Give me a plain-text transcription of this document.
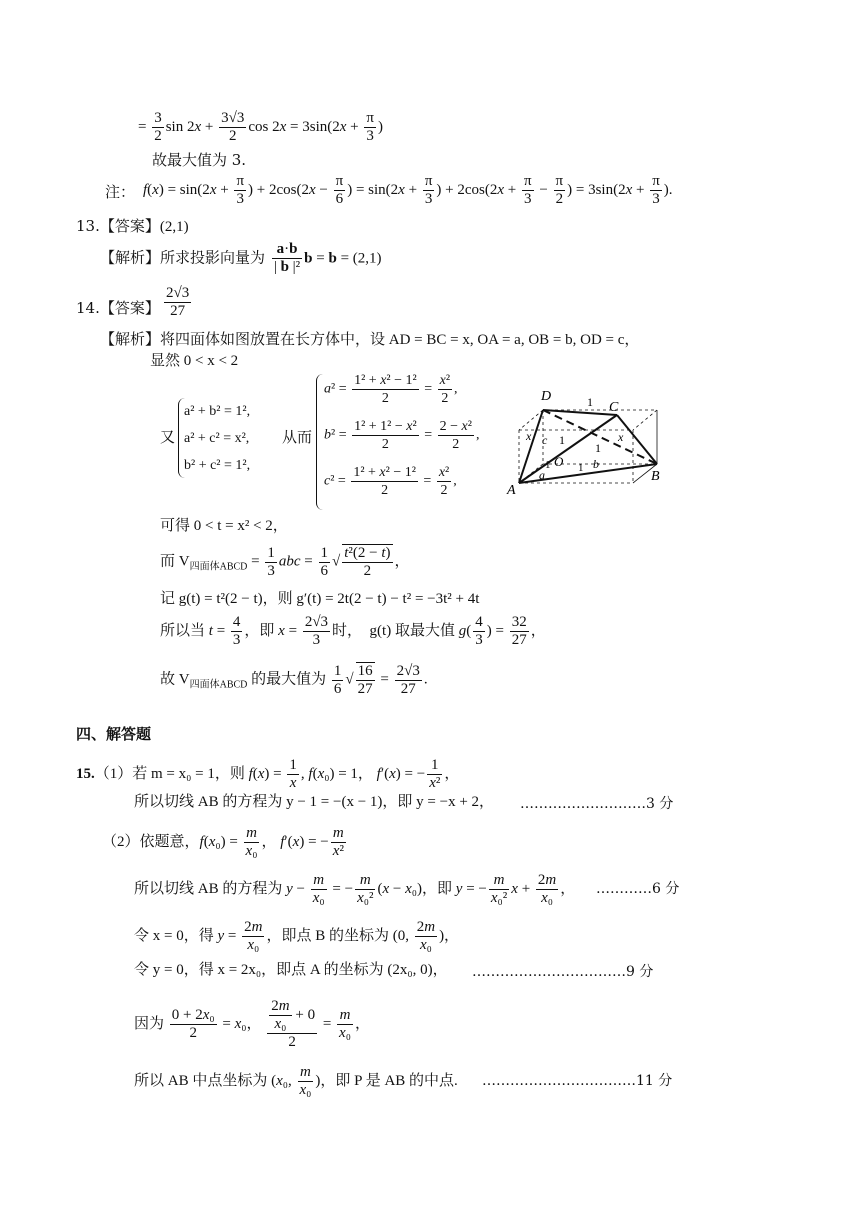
= $\frac{3}{2}$ $\sin 2x + \frac{3√3}{2}$ $\cos 2x = 3\sin(2x + \frac{\pi}{3}$ )
故最大值为 3.
注： $f(x) = \sin(2x + \frac{\pi}{3}$ ) + $2\cos(2x - \frac{\pi}{6}$ ) = $\sin(2x + \frac{\pi}{3}$ ) + $2\cos(2x + \frac{\pi}{3} - \frac{\pi}{2}$ ) = $3\sin(2x + \frac{\pi}{3}$ ).
13.【答案】(2,1)
【解析】所求投影向量为 $\frac{a\cdot b}{\text{| b |²}}$ b = b = (2,1)
14.【答案】 $\frac{2√3}{27}$
【解析】将四面体如图放置在长方体中，设 AD = BC = x, OA = a, OB = b, OD = c，
显然 0 < x < 2
又
a² + b² = 1²,
a² + c² = x²,
b² + c² = 1²,
从而
$a^2 = \frac{\text{1² + x² − 1²}}{2} = \frac{\text{x²}}{2}$ ,
$b^2 = \frac{\text{1² + 1² − x²}}{2} = \frac{\text{2 − x²}}{2}$ ,
$c^2 = \frac{\text{1² + x² − 1²}}{2} = \frac{\text{x²}}{2}$ ,
D
C
A
B
O
x	x
c
a
b
1
1
1
1	1
可得 0 < t = x² < 2，
而 $V_{四面体ABCD} = \frac{1}{3}$ abc = $\frac{1}{6}$ √ $\frac{\text{t²(2 − t)}}{2}$ ，
记 g(t) = t²(2 − t)，则 g′(t) = 2t(2 − t) − t² = −3t² + 4t
所以当 $t = \frac{4}{3}$ ，即 $x = \frac{2√3}{3}$ 时，　g(t) 取最大值 $g( \frac{4}{3}$ ) = $\frac{32}{27}$ ，
故 $V_{四面体ABCD}$ 的最大值为 $\frac{1}{6}$ √ $\frac{16}{27} = \frac{2√3}{27}$ .
四、解答题
15.（1）若 m = x₀ = 1，则 $f(x) = \frac{1}{x}$ , f(x₀) = 1， f′(x) = − $\frac{1}{\text{x²}}$ ，
所以切线 AB 的方程为 y − 1 = −(x − 1)，即 y = −x + 2， ………………………3 分
（2）依题意，$f(x_0) = \frac{m}{\text{x₀}}$ ， f′(x) = − $\frac{m}{\text{x²}}$
所以切线 AB 的方程为 $y - \frac{m}{\text{x₀}}$ = − $\frac{m}{\text{x₀²}} (x - x_0)$，即 y = − $\frac{m}{\text{x₀²}}$ $x + \frac{2m}{\text{x₀}}$ ， …………6 分
令 x = 0，得 $y = \frac{2m}{\text{x₀}}$ ，即点 B 的坐标为 (0, $\frac{2m}{\text{x₀}}$ )，
令 y = 0，得 x = 2x₀，即点 A 的坐标为 (2x₀, 0)， ……………………………9 分
因为 $\frac{\text{0 + 2x₀}}{2} = x_0$， $\frac{\frac{2m}{\text{x₀}} + 0}{2} = \frac{m}{\text{x₀}}$ ，
所以 AB 中点坐标为 (x₀, $\frac{m}{\text{x₀}}$ )，即 P 是 AB 的中点. ……………………………11 分
